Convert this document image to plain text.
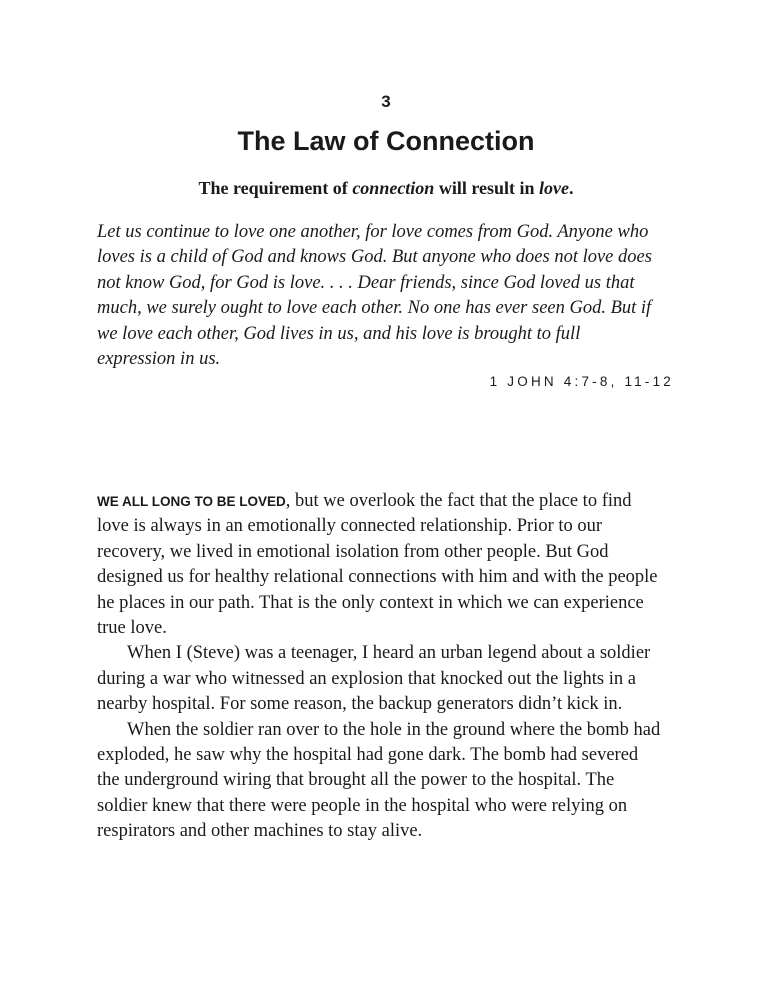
3
The Law of Connection
The requirement of connection will result in love.
Let us continue to love one another, for love comes from God. Anyone who
loves is a child of God and knows God. But anyone who does not love does
not know God, for God is love. . . . Dear friends, since God loved us that
much, we surely ought to love each other. No one has ever seen God. But if
we love each other, God lives in us, and his love is brought to full
expression in us.
1 JOHN 4:7-8, 11-12
WE ALL LONG TO BE LOVED, but we overlook the fact that the place to find
love is always in an emotionally connected relationship. Prior to our
recovery, we lived in emotional isolation from other people. But God
designed us for healthy relational connections with him and with the people
he places in our path. That is the only context in which we can experience
true love.
When I (Steve) was a teenager, I heard an urban legend about a soldier
during a war who witnessed an explosion that knocked out the lights in a
nearby hospital. For some reason, the backup generators didn’t kick in.
When the soldier ran over to the hole in the ground where the bomb had
exploded, he saw why the hospital had gone dark. The bomb had severed
the underground wiring that brought all the power to the hospital. The
soldier knew that there were people in the hospital who were relying on
respirators and other machines to stay alive.
